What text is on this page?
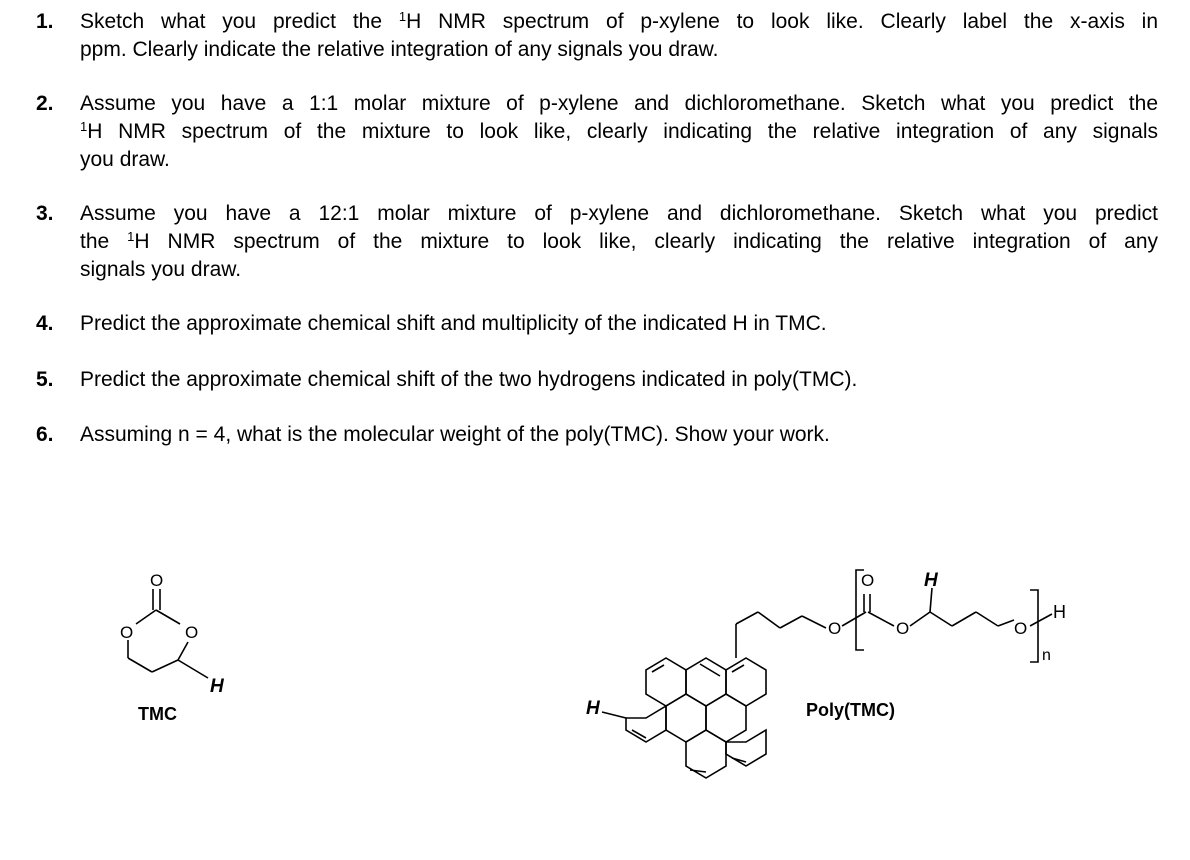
1. Sketch what you predict the $^1$H NMR spectrum of p-xylene to look like. Clearly label the x-axis in
ppm. Clearly indicate the relative integration of any signals you draw.
2. Assume you have a 1:1 molar mixture of p-xylene and dichloromethane. Sketch what you predict the
$^1$H NMR spectrum of the mixture to look like, clearly indicating the relative integration of any signals
you draw.
3. Assume you have a 12:1 molar mixture of p-xylene and dichloromethane. Sketch what you predict
the $^1$H NMR spectrum of the mixture to look like, clearly indicating the relative integration of any
signals you draw.
4. Predict the approximate chemical shift and multiplicity of the indicated H in TMC.
5. Predict the approximate chemical shift of the two hydrogens indicated in poly(TMC).
6. Assuming n = 4, what is the molecular weight of the poly(TMC). Show your work.
O
O	O
H
TMC
O
O
O	O
H
n
H
H	Poly(TMC)
